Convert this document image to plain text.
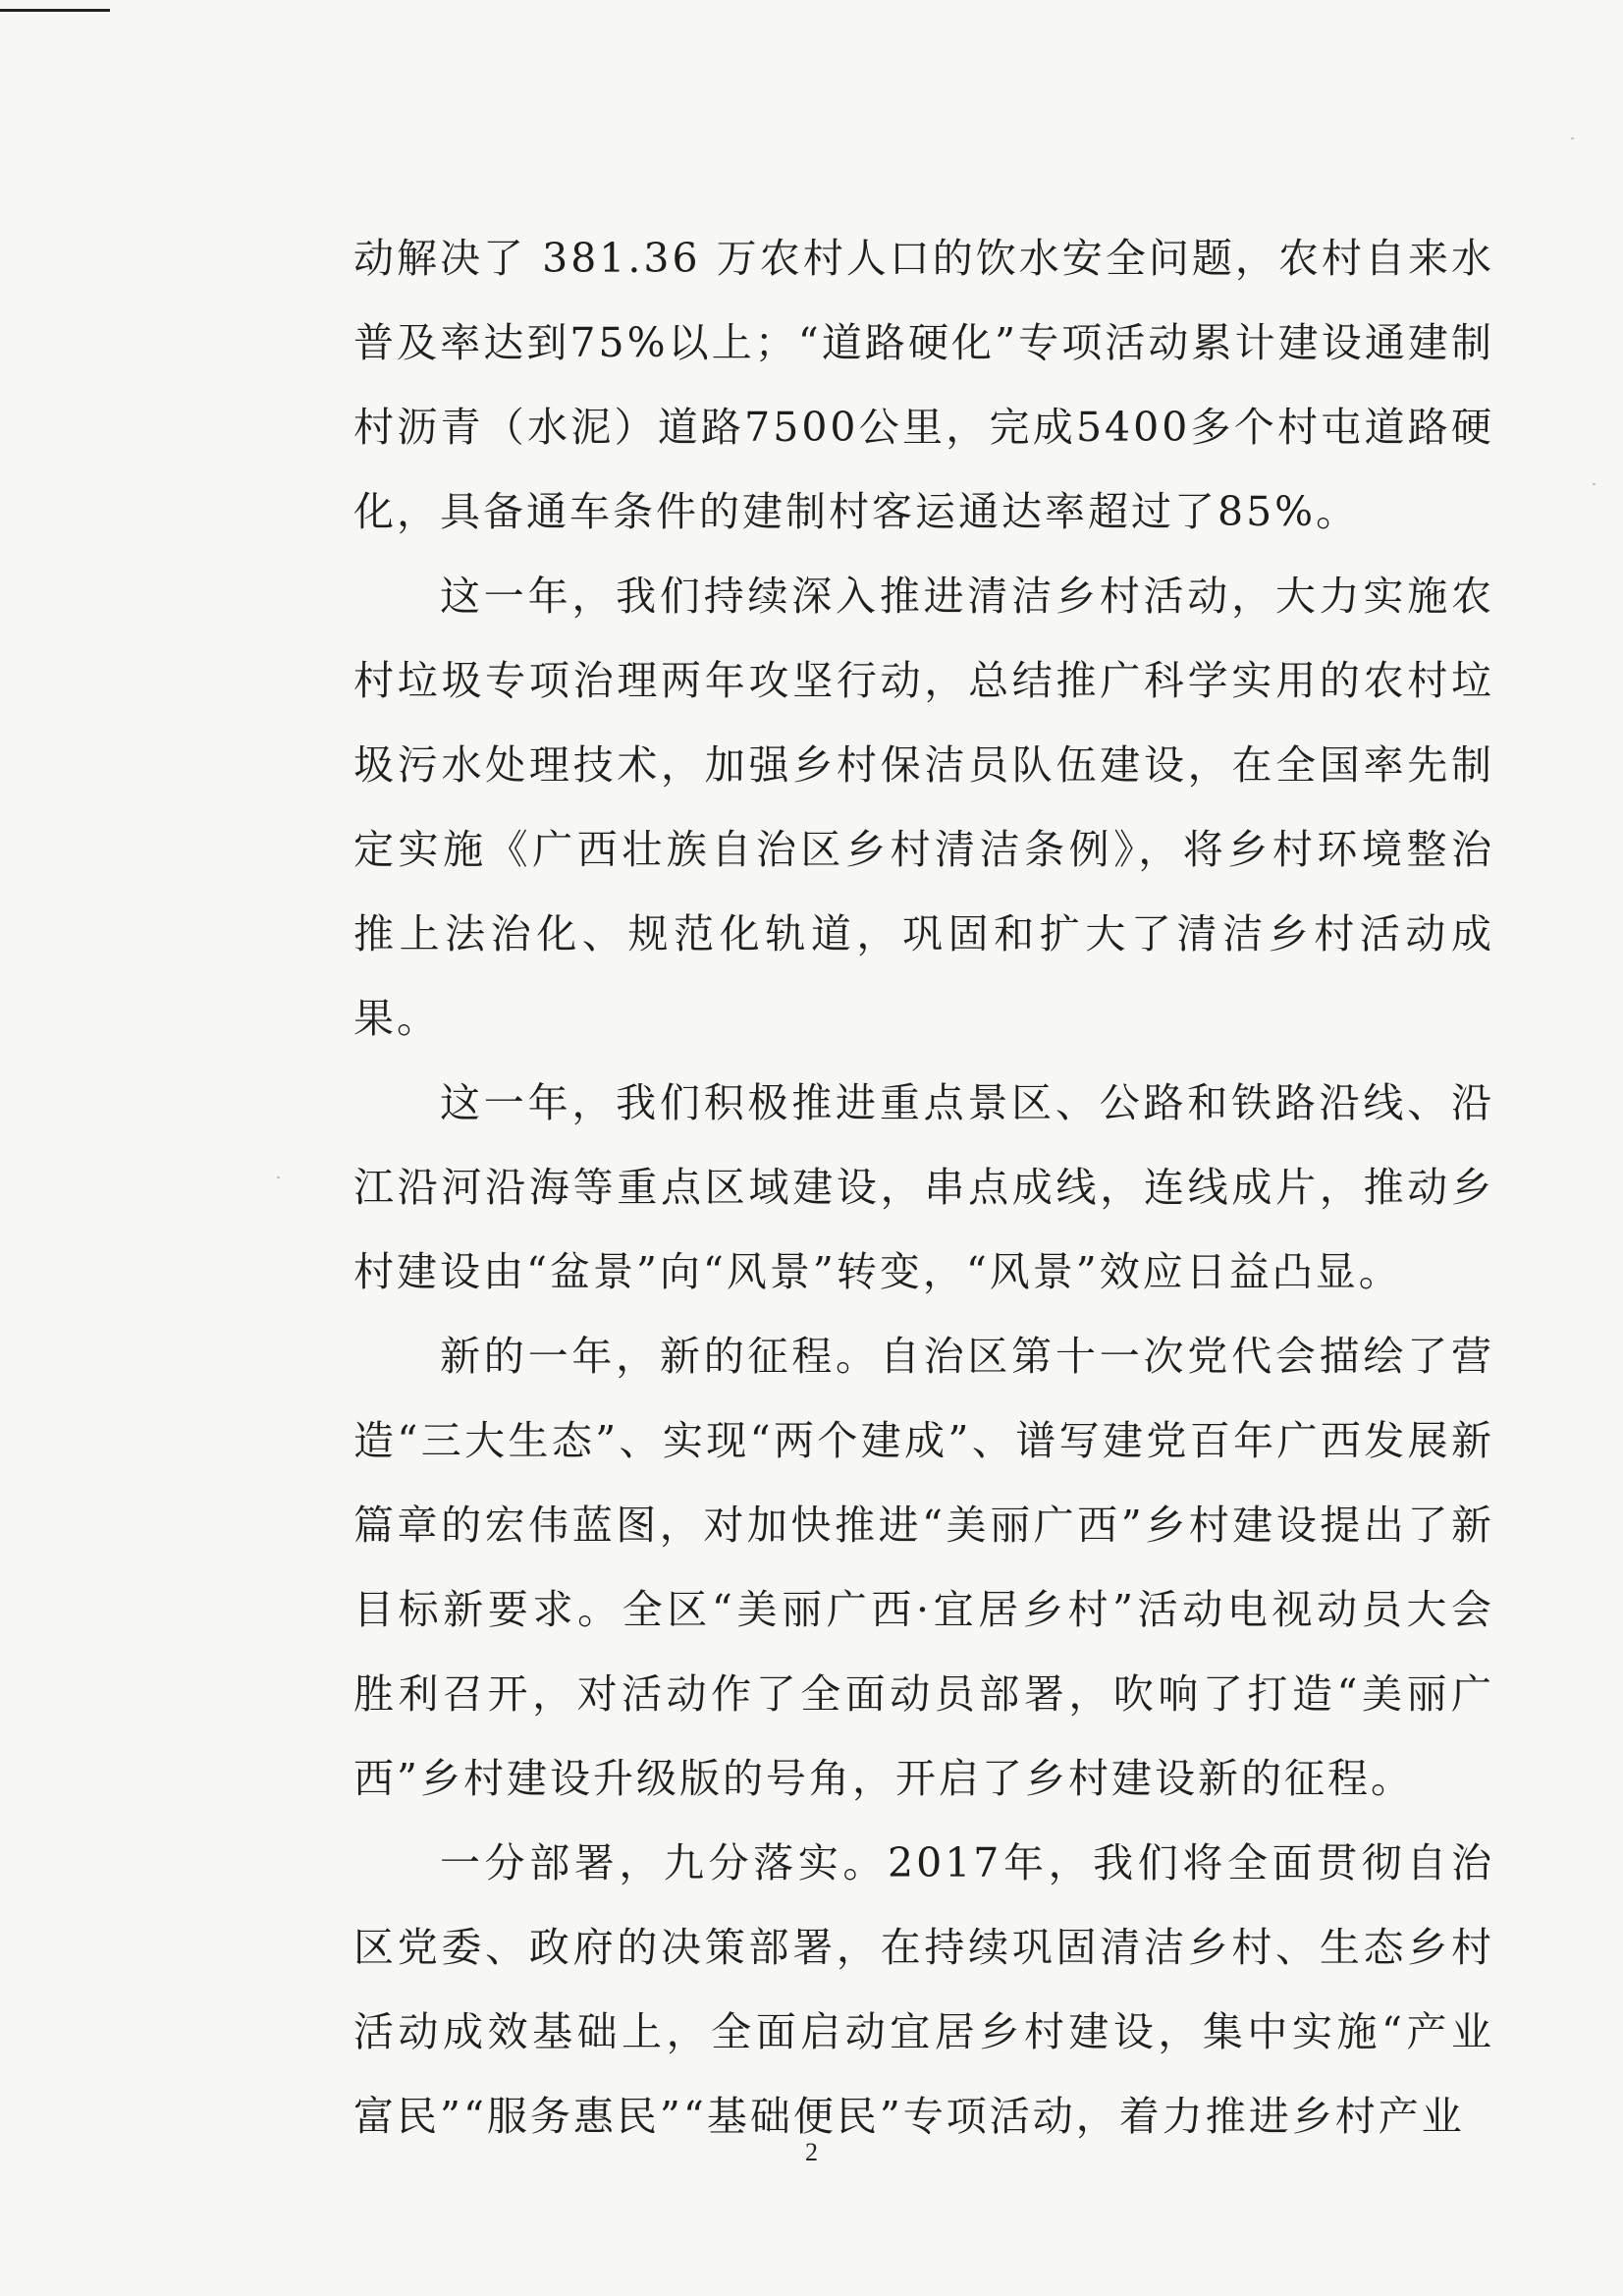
动解决了 381.36 万农村人口的饮水安全问题，农村自来水普及率达到75%以上；“道路硬化”专项活动累计建设通建制村沥青（水泥）道路7500公里，完成5400多个村屯道路硬化，具备通车条件的建制村客运通达率超过了85%。

这一年，我们持续深入推进清洁乡村活动，大力实施农村垃圾专项治理两年攻坚行动，总结推广科学实用的农村垃圾污水处理技术，加强乡村保洁员队伍建设，在全国率先制定实施《广西壮族自治区乡村清洁条例》，将乡村环境整治推上法治化、规范化轨道，巩固和扩大了清洁乡村活动成果。

这一年，我们积极推进重点景区、公路和铁路沿线、沿江沿河沿海等重点区域建设，串点成线，连线成片，推动乡村建设由“盆景”向“风景”转变，“风景”效应日益凸显。

新的一年，新的征程。自治区第十一次党代会描绘了营造“三大生态”、实现“两个建成”、谱写建党百年广西发展新篇章的宏伟蓝图，对加快推进“美丽广西”乡村建设提出了新目标新要求。全区“美丽广西·宜居乡村”活动电视动员大会胜利召开，对活动作了全面动员部署，吹响了打造“美丽广西”乡村建设升级版的号角，开启了乡村建设新的征程。

一分部署，九分落实。2017年，我们将全面贯彻自治区党委、政府的决策部署，在持续巩固清洁乡村、生态乡村活动成效基础上，全面启动宜居乡村建设，集中实施“产业富民”“服务惠民”“基础便民”专项活动，着力推进乡村产业

2
